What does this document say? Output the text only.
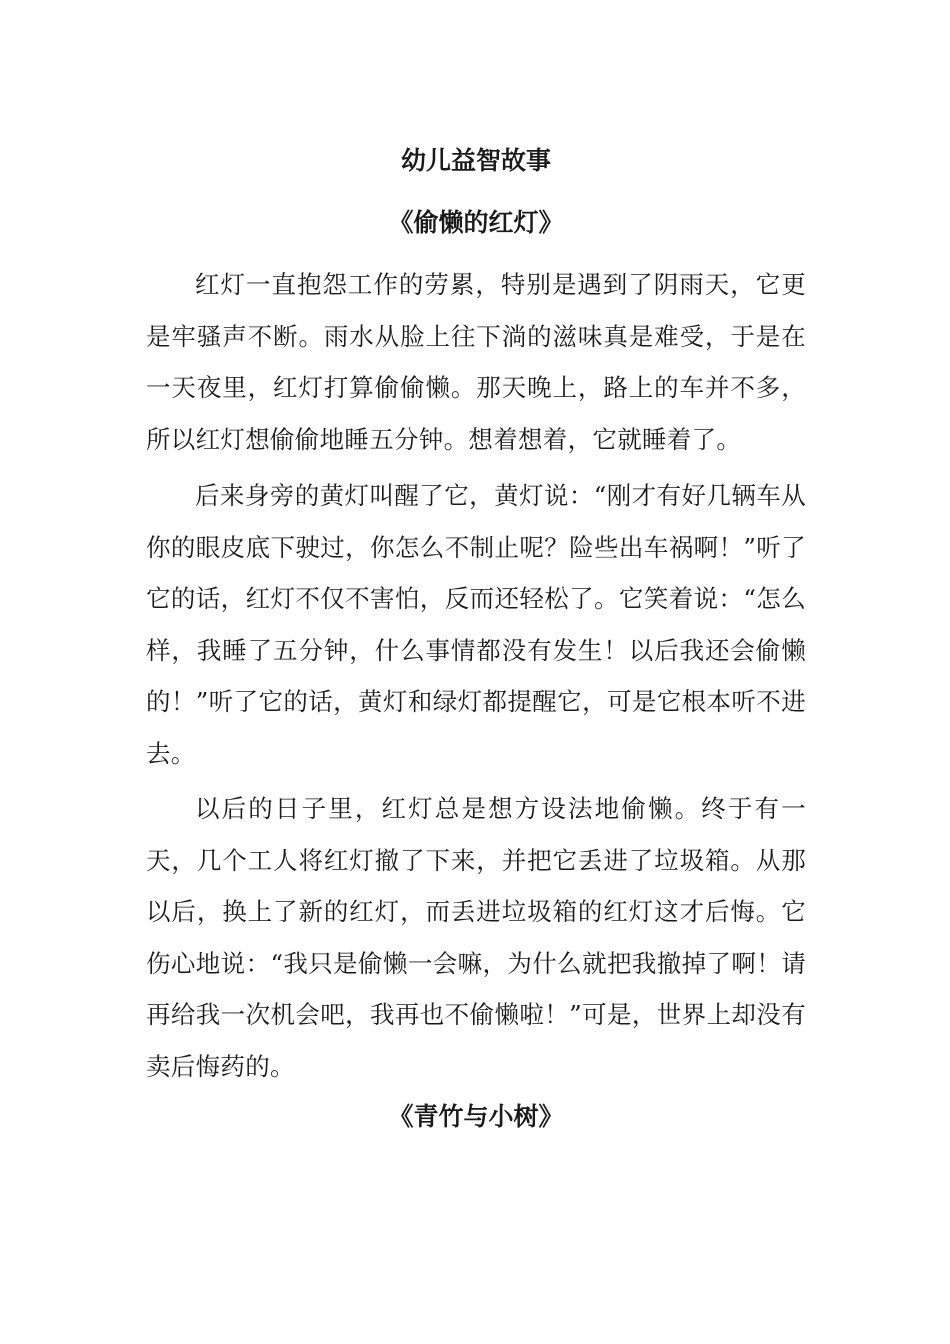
幼儿益智故事
《偷懒的红灯》

红灯一直抱怨工作的劳累，特别是遇到了阴雨天，它更是牢骚声不断。雨水从脸上往下淌的滋味真是难受，于是在一天夜里，红灯打算偷偷懒。那天晚上，路上的车并不多，所以红灯想偷偷地睡五分钟。想着想着，它就睡着了。

后来身旁的黄灯叫醒了它，黄灯说：“刚才有好几辆车从你的眼皮底下驶过，你怎么不制止呢？险些出车祸啊！”听了它的话，红灯不仅不害怕，反而还轻松了。它笑着说：“怎么样，我睡了五分钟，什么事情都没有发生！以后我还会偷懒的！”听了它的话，黄灯和绿灯都提醒它，可是它根本听不进去。

以后的日子里，红灯总是想方设法地偷懒。终于有一天，几个工人将红灯撤了下来，并把它丢进了垃圾箱。从那以后，换上了新的红灯，而丢进垃圾箱的红灯这才后悔。它伤心地说：“我只是偷懒一会嘛，为什么就把我撤掉了啊！请再给我一次机会吧，我再也不偷懒啦！”可是，世界上却没有卖后悔药的。

《青竹与小树》
